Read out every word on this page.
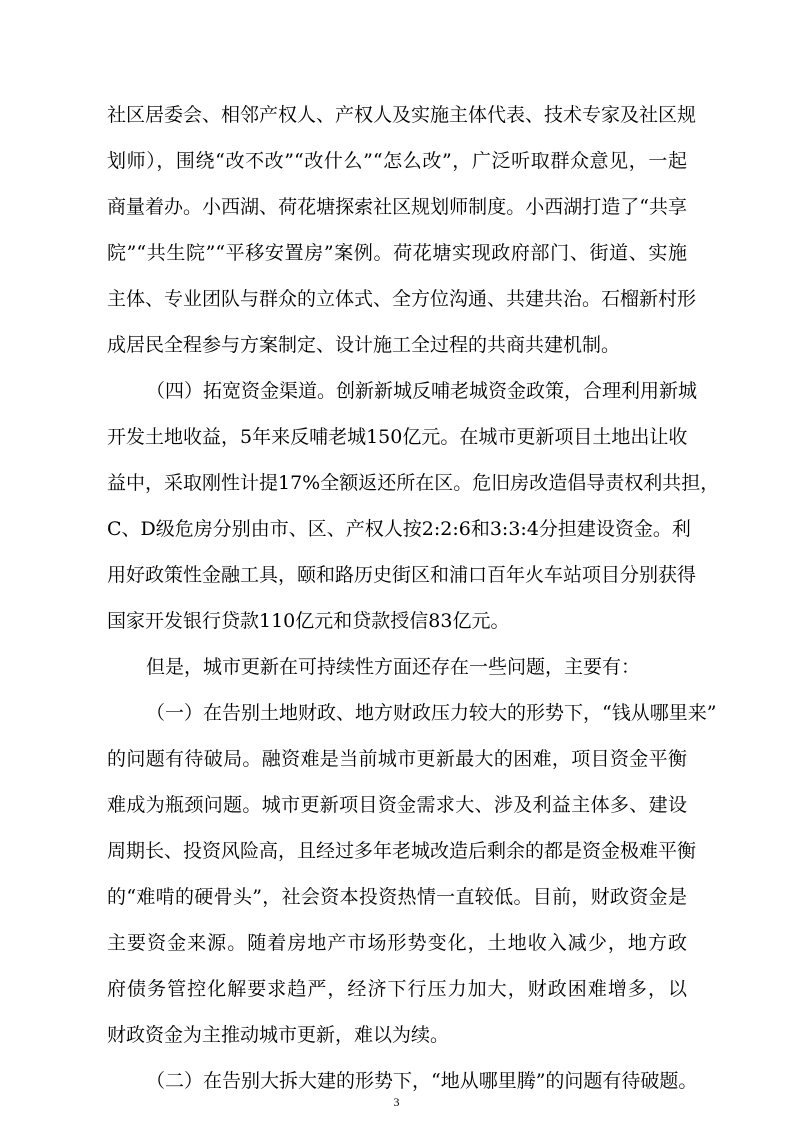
社区居委会、相邻产权人、产权人及实施主体代表、技术专家及社区规
划师），围绕“改不改”“改什么”“怎么改”，广泛听取群众意见，一起
商量着办。小西湖、荷花塘探索社区规划师制度。小西湖打造了“共享
院”“共生院”“平移安置房”案例。荷花塘实现政府部门、街道、实施
主体、专业团队与群众的立体式、全方位沟通、共建共治。石榴新村形
成居民全程参与方案制定、设计施工全过程的共商共建机制。
（四）拓宽资金渠道。创新新城反哺老城资金政策，合理利用新城
开发土地收益，5年来反哺老城150亿元。在城市更新项目土地出让收
益中，采取刚性计提17%全额返还所在区。危旧房改造倡导责权利共担，
C、D级危房分别由市、区、产权人按2:2:6和3:3:4分担建设资金。利
用好政策性金融工具，颐和路历史街区和浦口百年火车站项目分别获得
国家开发银行贷款110亿元和贷款授信83亿元。
但是，城市更新在可持续性方面还存在一些问题，主要有：
（一）在告别土地财政、地方财政压力较大的形势下，“钱从哪里来”
的问题有待破局。融资难是当前城市更新最大的困难，项目资金平衡
难成为瓶颈问题。城市更新项目资金需求大、涉及利益主体多、建设
周期长、投资风险高，且经过多年老城改造后剩余的都是资金极难平衡
的“难啃的硬骨头”，社会资本投资热情一直较低。目前，财政资金是
主要资金来源。随着房地产市场形势变化，土地收入减少，地方政
府债务管控化解要求趋严，经济下行压力加大，财政困难增多，以
财政资金为主推动城市更新，难以为续。
（二）在告别大拆大建的形势下，“地从哪里腾”的问题有待破题。
3
